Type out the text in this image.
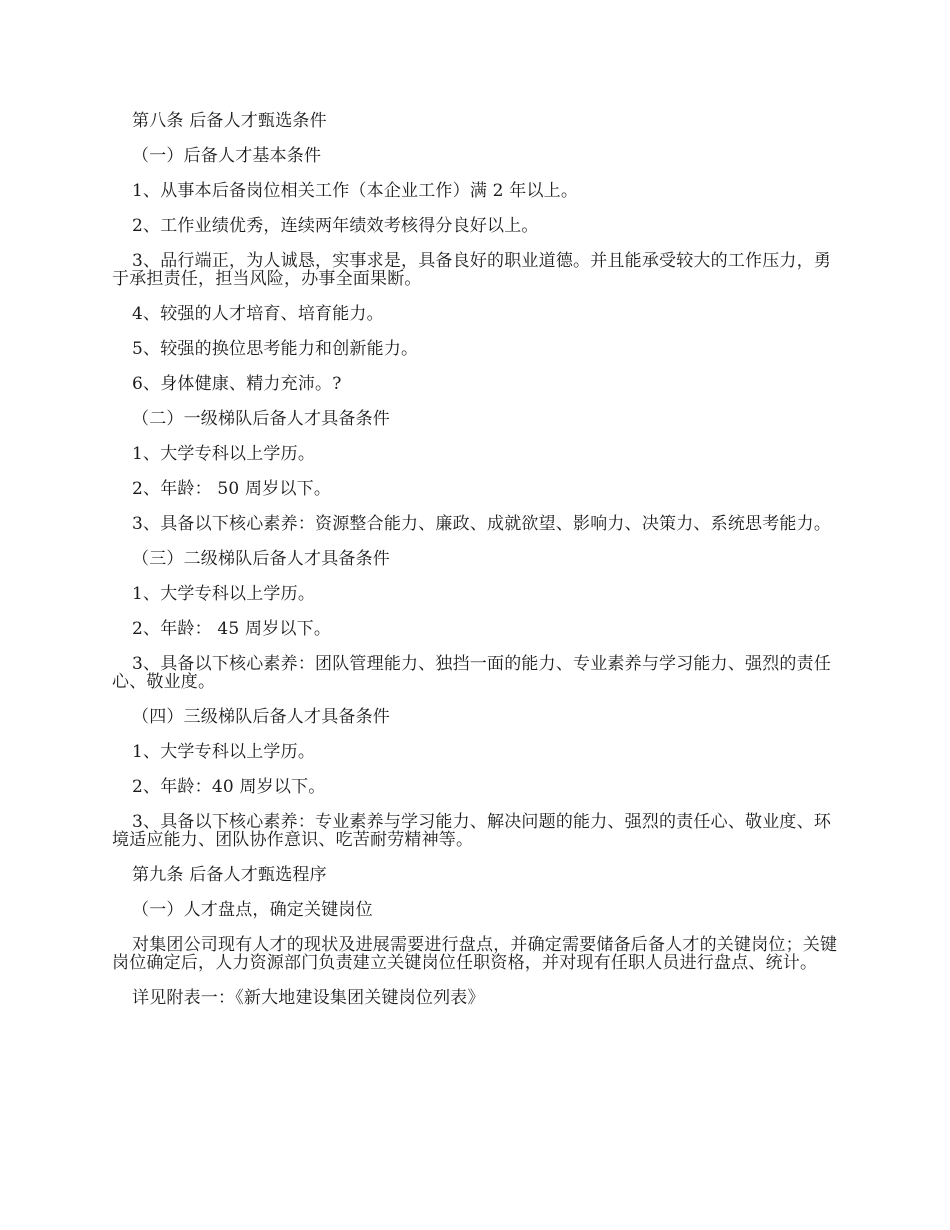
第八条 后备人才甄选条件

（一）后备人才基本条件

1、从事本后备岗位相关工作（本企业工作）满 2 年以上。

2、工作业绩优秀，连续两年绩效考核得分良好以上。

3、品行端正，为人诚恳，实事求是，具备良好的职业道德。并且能承受较大的工作压力，勇于承担责任，担当风险，办事全面果断。

4、较强的人才培育、培育能力。

5、较强的换位思考能力和创新能力。

6、身体健康、精力充沛。?

（二）一级梯队后备人才具备条件

1、大学专科以上学历。

2、年龄： 50 周岁以下。

3、具备以下核心素养：资源整合能力、廉政、成就欲望、影响力、决策力、系统思考能力。

（三）二级梯队后备人才具备条件

1、大学专科以上学历。

2、年龄： 45 周岁以下。

3、具备以下核心素养：团队管理能力、独挡一面的能力、专业素养与学习能力、强烈的责任心、敬业度。

（四）三级梯队后备人才具备条件

1、大学专科以上学历。

2、年龄：40 周岁以下。

3、具备以下核心素养：专业素养与学习能力、解决问题的能力、强烈的责任心、敬业度、环境适应能力、团队协作意识、吃苦耐劳精神等。

第九条 后备人才甄选程序

（一）人才盘点，确定关键岗位

对集团公司现有人才的现状及进展需要进行盘点，并确定需要储备后备人才的关键岗位；关键岗位确定后，人力资源部门负责建立关键岗位任职资格，并对现有任职人员进行盘点、统计。

详见附表一：《新大地建设集团关键岗位列表》
